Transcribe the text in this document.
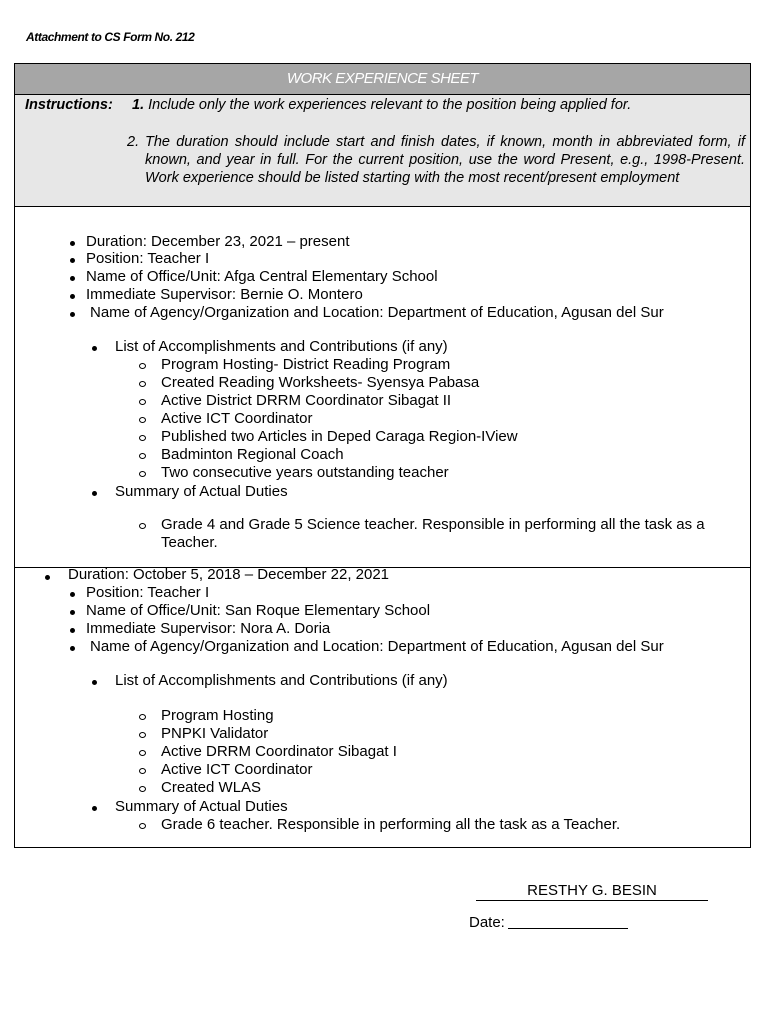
Attachment to CS Form No. 212
WORK EXPERIENCE SHEET
Instructions: 1. Include only the work experiences relevant to the position being applied for.
2. The duration should include start and finish dates, if known, month in abbreviated form, if known, and year in full. For the current position, use the word Present, e.g., 1998-Present. Work experience should be listed starting with the most recent/present employment
Duration: December 23, 2021 – present
Position: Teacher I
Name of Office/Unit: Afga Central Elementary School
Immediate Supervisor: Bernie O. Montero
Name of Agency/Organization and Location: Department of Education, Agusan del Sur
List of Accomplishments and Contributions (if any)
Program Hosting- District Reading Program
Created Reading Worksheets- Syensya Pabasa
Active District DRRM Coordinator Sibagat II
Active ICT Coordinator
Published two Articles in Deped Caraga Region-IView
Badminton Regional Coach
Two consecutive years outstanding teacher
Summary of Actual Duties
Grade 4 and Grade 5 Science teacher. Responsible in performing all the task as a
Teacher.
Duration: October 5, 2018 – December 22, 2021
Position: Teacher I
Name of Office/Unit: San Roque Elementary School
Immediate Supervisor: Nora A. Doria
Name of Agency/Organization and Location: Department of Education, Agusan del Sur
List of Accomplishments and Contributions (if any)
Program Hosting
PNPKI Validator
Active DRRM Coordinator Sibagat I
Active ICT Coordinator
Created WLAS
Summary of Actual Duties
Grade 6 teacher. Responsible in performing all the task as a Teacher.
RESTHY G. BESIN
Date:
